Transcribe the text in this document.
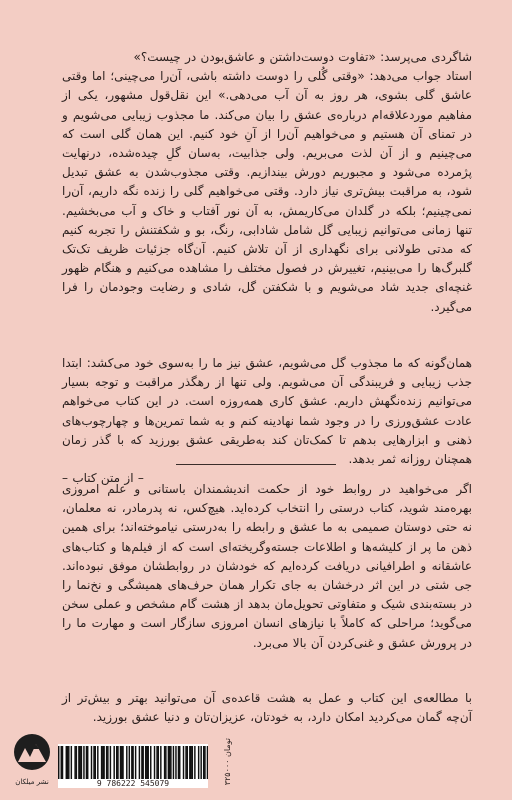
شاگردی می‌پرسد: «تفاوت دوست‌داشتن و عاشق‌بودن در چیست؟»

استاد جواب می‌دهد: «وقتی گُلی را دوست داشته باشی، آن‌را می‌چینی؛ اما وقتی عاشق گلی بشوی، هر روز به آن آب می‌دهی.» این نقل‌قول مشهور، یکی از مفاهیم موردعلاقه‌ام درباره‌ی عشق را بیان می‌کند. ما مجذوب زیبایی می‌شویم و در تمنای آن هستیم و می‌خواهیم آن‌را از آنِ خود کنیم. این همان گلی است که می‌چینیم و از آن لذت می‌بریم. ولی جذابیت، به‌سان گلِ چیده‌شده، درنهایت پژمرده می‌شود و مجبوریم دورش بیندازیم. وقتی مجذوب‌شدن به عشق تبدیل شود، به مراقبت بیش‌تری نیاز دارد. وقتی می‌خواهیم گلی را زنده نگه داریم، آن‌را نمی‌چینیم؛ بلکه در گلدان می‌کاریمش، به آن نور آفتاب و خاک و آب می‌بخشیم. تنها زمانی می‌توانیم زیبایی گل شامل شادابی، رنگ، بو و شکفتنش را تجربه کنیم که مدتی طولانی برای نگهداری از آن تلاش کنیم. آن‌گاه جزئیات ظریف تک‌تک گلبرگ‌ها را می‌بینیم، تغییرش در فصول مختلف را مشاهده می‌کنیم و هنگام ظهور غنچه‌ای جدید شاد می‌شویم و با شکفتن گل، شادی و رضایت وجودمان را فرا می‌گیرد.

همان‌گونه که ما مجذوب گل می‌شویم، عشق نیز ما را به‌سوی خود می‌کشد: ابتدا جذب زیبایی و فریبندگی آن می‌شویم. ولی تنها از رهگذر مراقبت و توجه بسیار می‌توانیم زنده‌نگهش داریم. عشق کاری همه‌روزه است. در این کتاب می‌خواهم عادت عشق‌ورزی را در وجود شما نهادینه کنم و به شما تمرین‌ها و چهارچوب‌های ذهنی و ابزارهایی بدهم تا کمک‌تان کند به‌طریقی عشق بورزید که با گذر زمان همچنان روزانه ثمر بدهد.

– از متن کتاب –

اگر می‌خواهید در روابط خود از حکمت اندیشمندان باستانی و علم امروزی بهره‌مند شوید، کتاب درستی را انتخاب کرده‌اید. هیچ‌کس، نه پدرمادر، نه معلمان، نه حتی دوستان صمیمی به ما عشق و رابطه را به‌درستی نیاموخته‌اند؛ برای همین ذهن ما پر از کلیشه‌ها و اطلاعات جسته‌وگریخته‌ای است که از فیلم‌ها و کتاب‌های عاشقانه و اطرافیانی دریافت کرده‌ایم که خودشان در روابطشان موفق نبوده‌اند. جی شتی در این اثر درخشان به جای تکرار همان حرف‌های همیشگی و نخ‌نما را در بسته‌بندی شیک و متفاوتی تحویل‌مان بدهد از هشت گام مشخص و عملی سخن می‌گوید؛ مراحلی که کاملاً با نیازهای انسان امروزی سازگار است و مهارت ما را در پرورش عشق و غنی‌کردن آن بالا می‌برد.

با مطالعه‌ی این کتاب و عمل به هشت قاعده‌ی آن می‌توانید بهتر و بیش‌تر از آن‌چه گمان می‌کردید امکان دارد، به خودتان، عزیزان‌تان و دنیا عشق بورزید.

نشر میلکان	9 786222 545079	۳۲۵۰۰۰ تومان
